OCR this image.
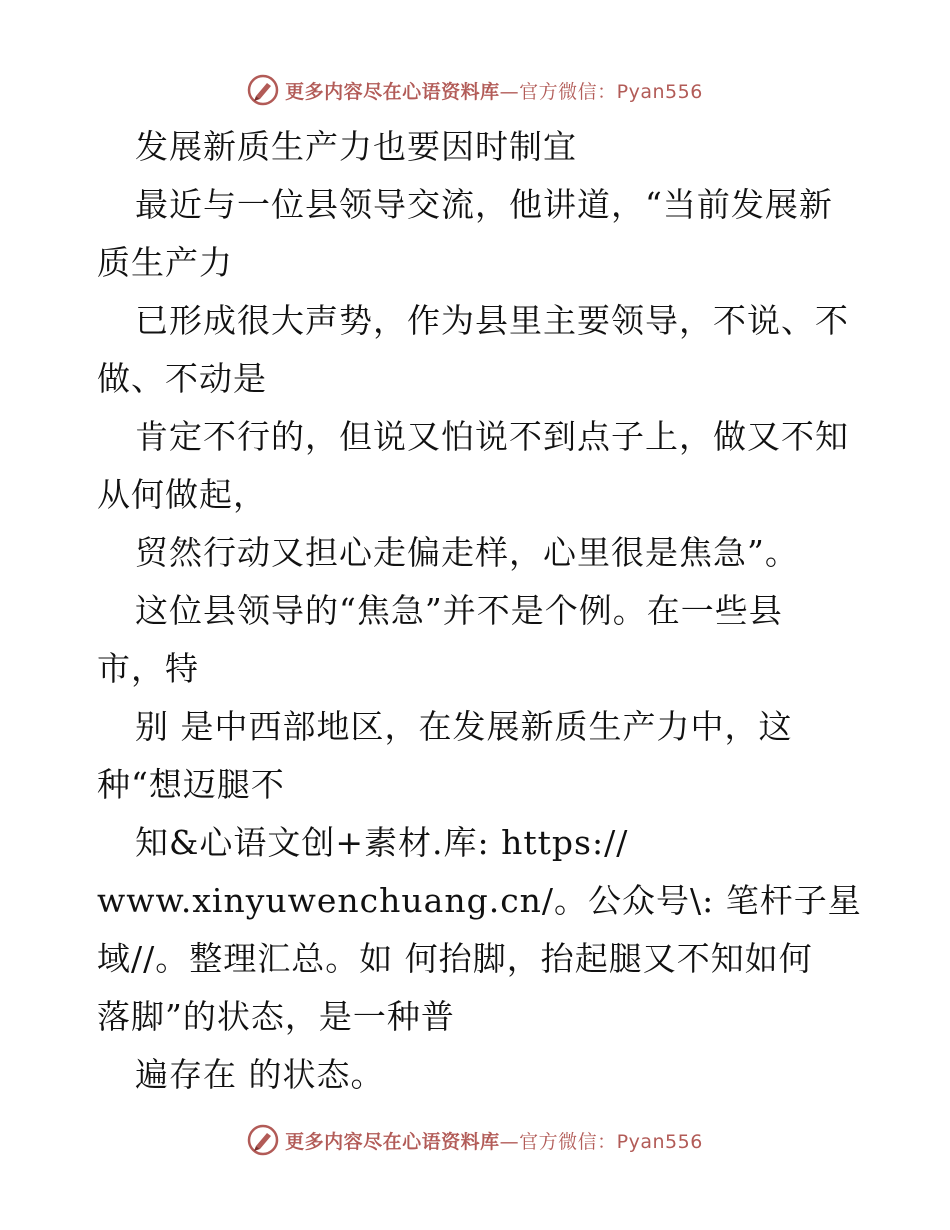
更多内容尽在心语资料库—官方微信：Pyan556
发展新质生产力也要因时制宜
最近与一位县领导交流，他讲道，“当前发展新
质生产力
已形成很大声势，作为县里主要领导，不说、不
做、不动是
肯定不行的，但说又怕说不到点子上，做又不知
从何做起，
贸然行动又担心走偏走样，心里很是焦急”。
这位县领导的“焦急”并不是个例。在一些县
市，特
别 是中西部地区，在发展新质生产力中，这
种“想迈腿不
知&心语文创+素材.库: https://
www.xinyuwenchuang.cn/。公众号\: 笔杆子星
域//。整理汇总。如 何抬脚，抬起腿又不知如何
落脚”的状态，是一种普
遍存在 的状态。
更多内容尽在心语资料库—官方微信：Pyan556
